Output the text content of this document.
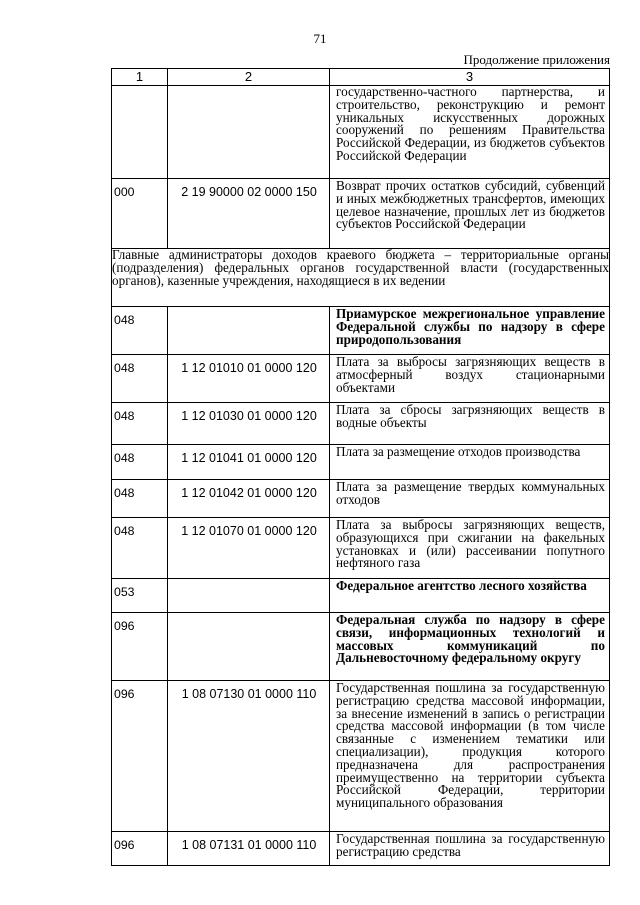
71
Продолжение приложения
1	2	3
		государственно-частного партнерства, и строительство, реконструкцию и ремонт уникальных искусственных дорожных сооружений по решениям Правительства Российской Федерации, из бюджетов субъектов Российской Федерации
000	2 19 90000 02 0000 150	Возврат прочих остатков субсидий, субвенций и иных межбюджетных трансфертов, имеющих целевое назначение, прошлых лет из бюджетов субъектов Российской Федерации
Главные администраторы доходов краевого бюджета – территориальные органы (подразделения) федеральных органов государственной власти (государственных органов), казенные учреждения, находящиеся в их ведении		
048		Приамурское межрегиональное управление Федеральной службы по надзору в сфере природопользования
048	1 12 01010 01 0000 120	Плата за выбросы загрязняющих веществ в атмосферный воздух стационарными объектами
048	1 12 01030 01 0000 120	Плата за сбросы загрязняющих веществ в водные объекты
048	1 12 01041 01 0000 120	Плата за размещение отходов производства
048	1 12 01042 01 0000 120	Плата за размещение твердых коммунальных отходов
048	1 12 01070 01 0000 120	Плата за выбросы загрязняющих веществ, образующихся при сжигании на факельных установках и (или) рассеивании попутного нефтяного газа
053		Федеральное агентство лесного хозяйства
096		Федеральная служба по надзору в сфере связи, информационных технологий и массовых коммуникаций по Дальневосточному федеральному округу
096	1 08 07130 01 0000 110	Государственная пошлина за государственную регистрацию средства массовой информации, за внесение изменений в запись о регистрации средства массовой информации (в том числе связанные с изменением тематики или специализации), продукция которого предназначена для распространения преимущественно на территории субъекта Российской Федерации, территории муниципального образования
096	1 08 07131 01 0000 110	Государственная пошлина за государственную регистрацию средства
